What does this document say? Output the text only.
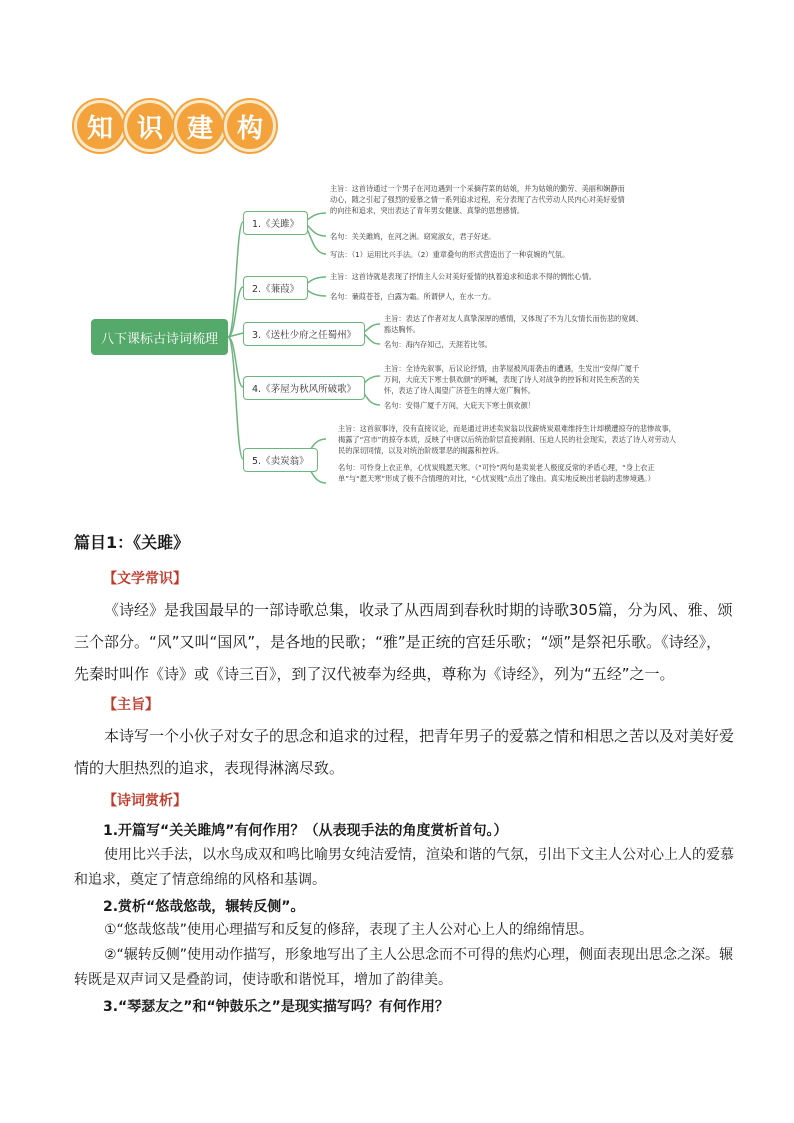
知 识 建 构
八下课标古诗词梳理
1.《关雎》
2.《蒹葭》
3.《送杜少府之任蜀州》
4.《茅屋为秋风所破歌》
5.《卖炭翁》
主旨：这首诗通过一个男子在河边遇到一个采摘荇菜的姑娘，并为姑娘的勤劳、美丽和娴静而动心，随之引起了强烈的爱慕之情一系列追求过程，充分表现了古代劳动人民内心对美好爱情的向往和追求，突出表达了青年男女健康、真挚的思想感情。
名句：关关雎鸠，在河之洲。窈窕淑女，君子好逑。
写法：（1）运用比兴手法。（2）重章叠句的形式营造出了一种哀婉的气氛。
主旨：这首诗就是表现了抒情主人公对美好爱情的执着追求和追求不得的惆怅心情。
名句：蒹葭苍苍，白露为霜。所谓伊人，在水一方。
主旨：表达了作者对友人真挚深厚的感情，又体现了不为儿女情长而伤悲的宽阔、豁达胸怀。
名句：海内存知己，天涯若比邻。
主旨：全诗先叙事，后议论抒情，由茅屋被风雨袭击的遭遇，生发出“安得广厦千万间，大庇天下寒士俱欢颜”的呼喊，表现了诗人对战争的控诉和对民生疾苦的关怀，表达了诗人渴望广济苍生的博大宽广胸怀。
名句：安得广厦千万间，大庇天下寒士俱欢颜！
主旨：这首叙事诗，没有直接议论，而是通过讲述卖炭翁以伐薪烧炭艰难维持生计却横遭掠夺的悲惨故事，揭露了“宫市”的掠夺本质，反映了中唐以后统治阶层直接剥削、压迫人民的社会现实，表达了诗人对劳动人民的深切同情，以及对统治阶级罪恶的揭露和控诉。
名句：可怜身上衣正单，心忧炭贱愿天寒。（“可怜”两句是卖炭老人极度反常的矛盾心理，“身上衣正单”与“愿天寒”形成了极不合情理的对比，“心忧炭贱”点出了缘由。真实地反映出老翁的悲惨境遇。）
篇目1：《关雎》
【文学常识】
《诗经》是我国最早的一部诗歌总集，收录了从西周到春秋时期的诗歌305篇，分为风、雅、颂三个部分。“风”又叫“国风”，是各地的民歌；“雅”是正统的宫廷乐歌；“颂”是祭祀乐歌。《诗经》，先秦时叫作《诗》或《诗三百》，到了汉代被奉为经典，尊称为《诗经》，列为“五经”之一。
【主旨】
本诗写一个小伙子对女子的思念和追求的过程，把青年男子的爱慕之情和相思之苦以及对美好爱情的大胆热烈的追求，表现得淋漓尽致。
【诗词赏析】
1.开篇写“关关雎鸠”有何作用？（从表现手法的角度赏析首句。）
使用比兴手法，以水鸟成双和鸣比喻男女纯洁爱情，渲染和谐的气氛，引出下文主人公对心上人的爱慕和追求，奠定了情意绵绵的风格和基调。
2.赏析“悠哉悠哉，辗转反侧”。
①“悠哉悠哉”使用心理描写和反复的修辞，表现了主人公对心上人的绵绵情思。
②“辗转反侧”使用动作描写，形象地写出了主人公思念而不可得的焦灼心理，侧面表现出思念之深。辗转既是双声词又是叠韵词，使诗歌和谐悦耳，增加了韵律美。
3.“琴瑟友之”和“钟鼓乐之”是现实描写吗？有何作用？
